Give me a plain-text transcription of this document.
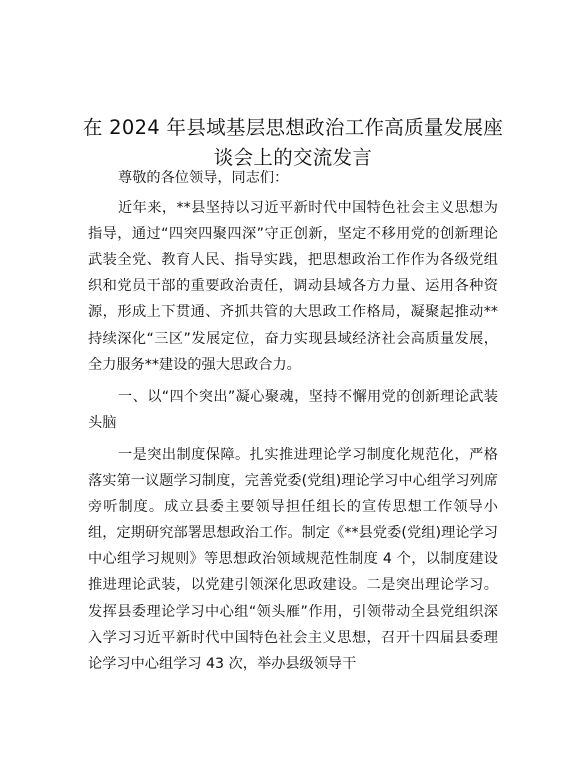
在 2024 年县域基层思想政治工作高质量发展座
谈会上的交流发言

尊敬的各位领导，同志们：

近年来，**县坚持以习近平新时代中国特色社会主义思想为指导，通过“四突四聚四深”守正创新，坚定不移用党的创新理论武装全党、教育人民、指导实践，把思想政治工作作为各级党组织和党员干部的重要政治责任，调动县域各方力量、运用各种资源，形成上下贯通、齐抓共管的大思政工作格局，凝聚起推动**持续深化“三区”发展定位，奋力实现县域经济社会高质量发展，全力服务**建设的强大思政合力。

一、以“四个突出”凝心聚魂，坚持不懈用党的创新理论武装头脑

一是突出制度保障。扎实推进理论学习制度化规范化，严格落实第一议题学习制度，完善党委(党组)理论学习中心组学习列席旁听制度。成立县委主要领导担任组长的宣传思想工作领导小组，定期研究部署思想政治工作。制定《**县党委(党组)理论学习中心组学习规则》等思想政治领域规范性制度 4 个，以制度建设推进理论武装，以党建引领深化思政建设。二是突出理论学习。发挥县委理论学习中心组“领头雁”作用，引领带动全县党组织深入学习习近平新时代中国特色社会主义思想，召开十四届县委理论学习中心组学习 43 次，举办县级领导干
